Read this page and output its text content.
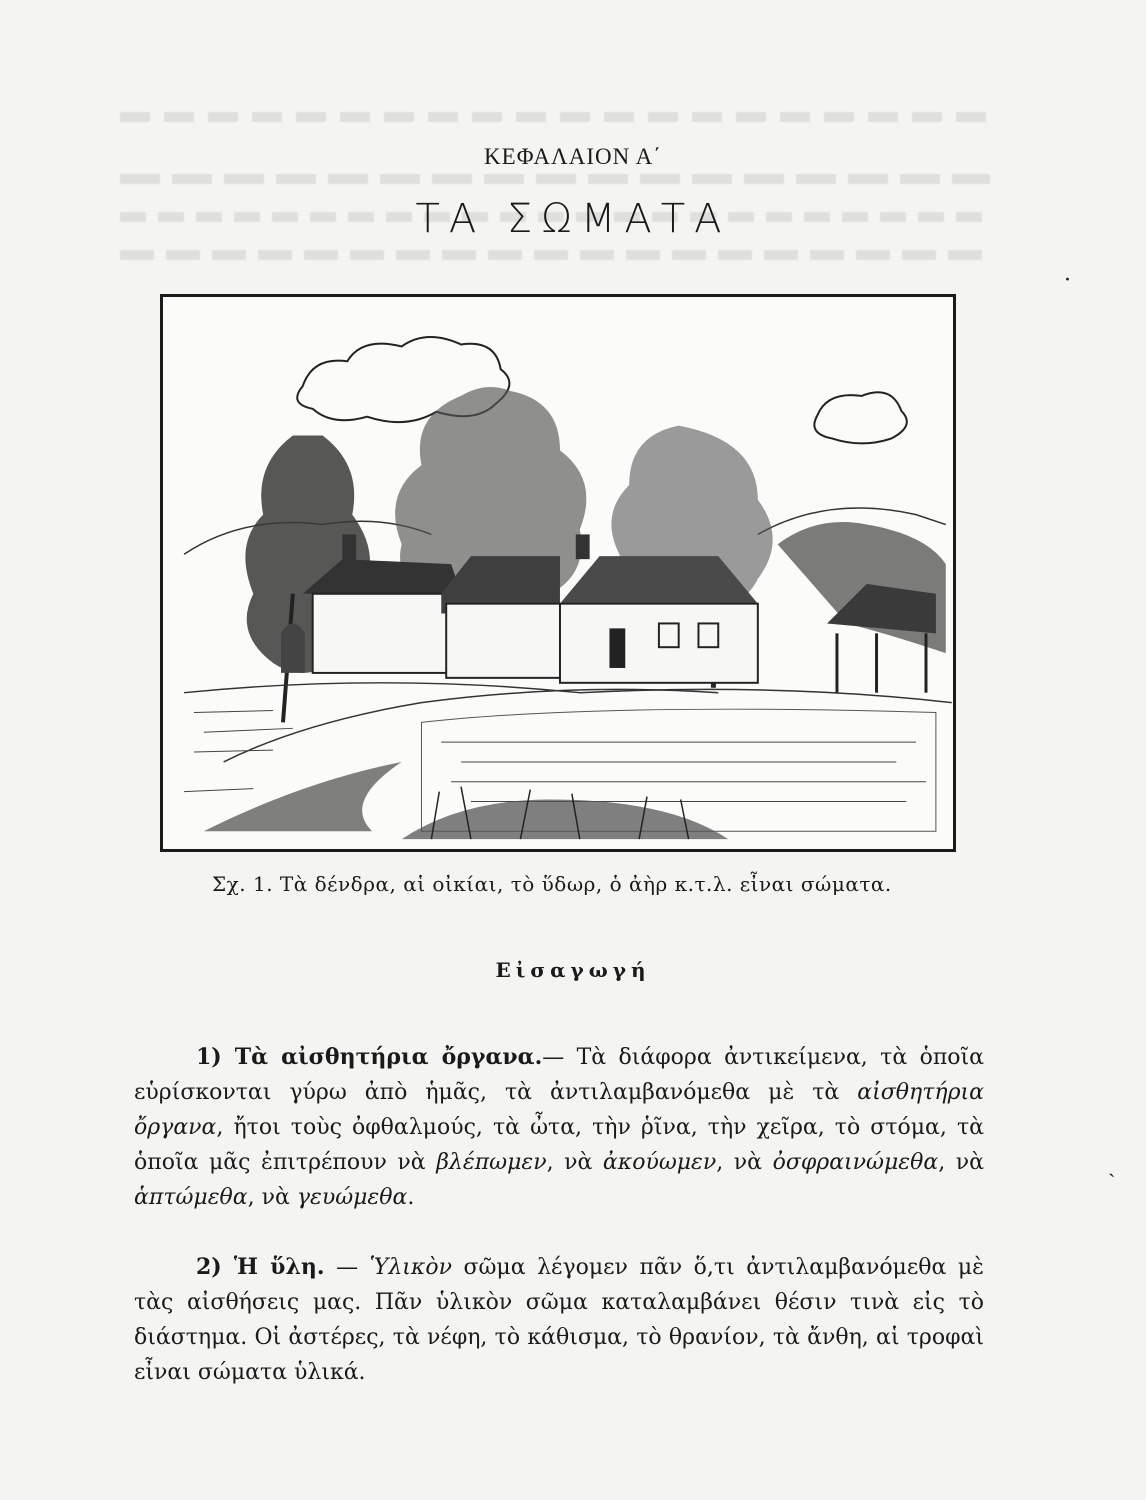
ΚΕΦΑΛΑΙΟΝ Α΄
ΤΑ ΣΩΜΑΤΑ
Σχ. 1. Τὰ δένδρα, αἱ οἰκίαι, τὸ ὕδωρ, ὁ ἀὴρ κ.τ.λ. εἶναι σώματα.
Εἰσαγωγή
1) Τὰ αἰσθητήρια ὄργανα.— Τὰ διάφορα ἀντικείμενα, τὰ ὁποῖα εὑρίσκονται γύρω ἀπὸ ἡμᾶς, τὰ ἀντιλαμβανόμεθα μὲ τὰ αἰσθητήρια ὄργανα, ἤτοι τοὺς ὀφθαλμούς, τὰ ὦτα, τὴν ῥῖνα, τὴν χεῖρα, τὸ στόμα, τὰ ὁποῖα μᾶς ἐπιτρέπουν νὰ βλέπωμεν, νὰ ἀκούωμεν, νὰ ὀσφραινώμεθα, νὰ ἁπτώμεθα, νὰ γευώμεθα.
2) Ἡ ὕλη. — Ὑλικὸν σῶμα λέγομεν πᾶν ὅ,τι ἀντιλαμβανόμεθα μὲ τὰς αἰσθήσεις μας. Πᾶν ὑλικὸν σῶμα καταλαμβάνει θέσιν τινὰ εἰς τὸ διάστημα. Οἱ ἀστέρες, τὰ νέφη, τὸ κάθισμα, τὸ θρανίον, τὰ ἄνθη, αἱ τροφαὶ εἶναι σώματα ὑλικά.
·
ˎ
